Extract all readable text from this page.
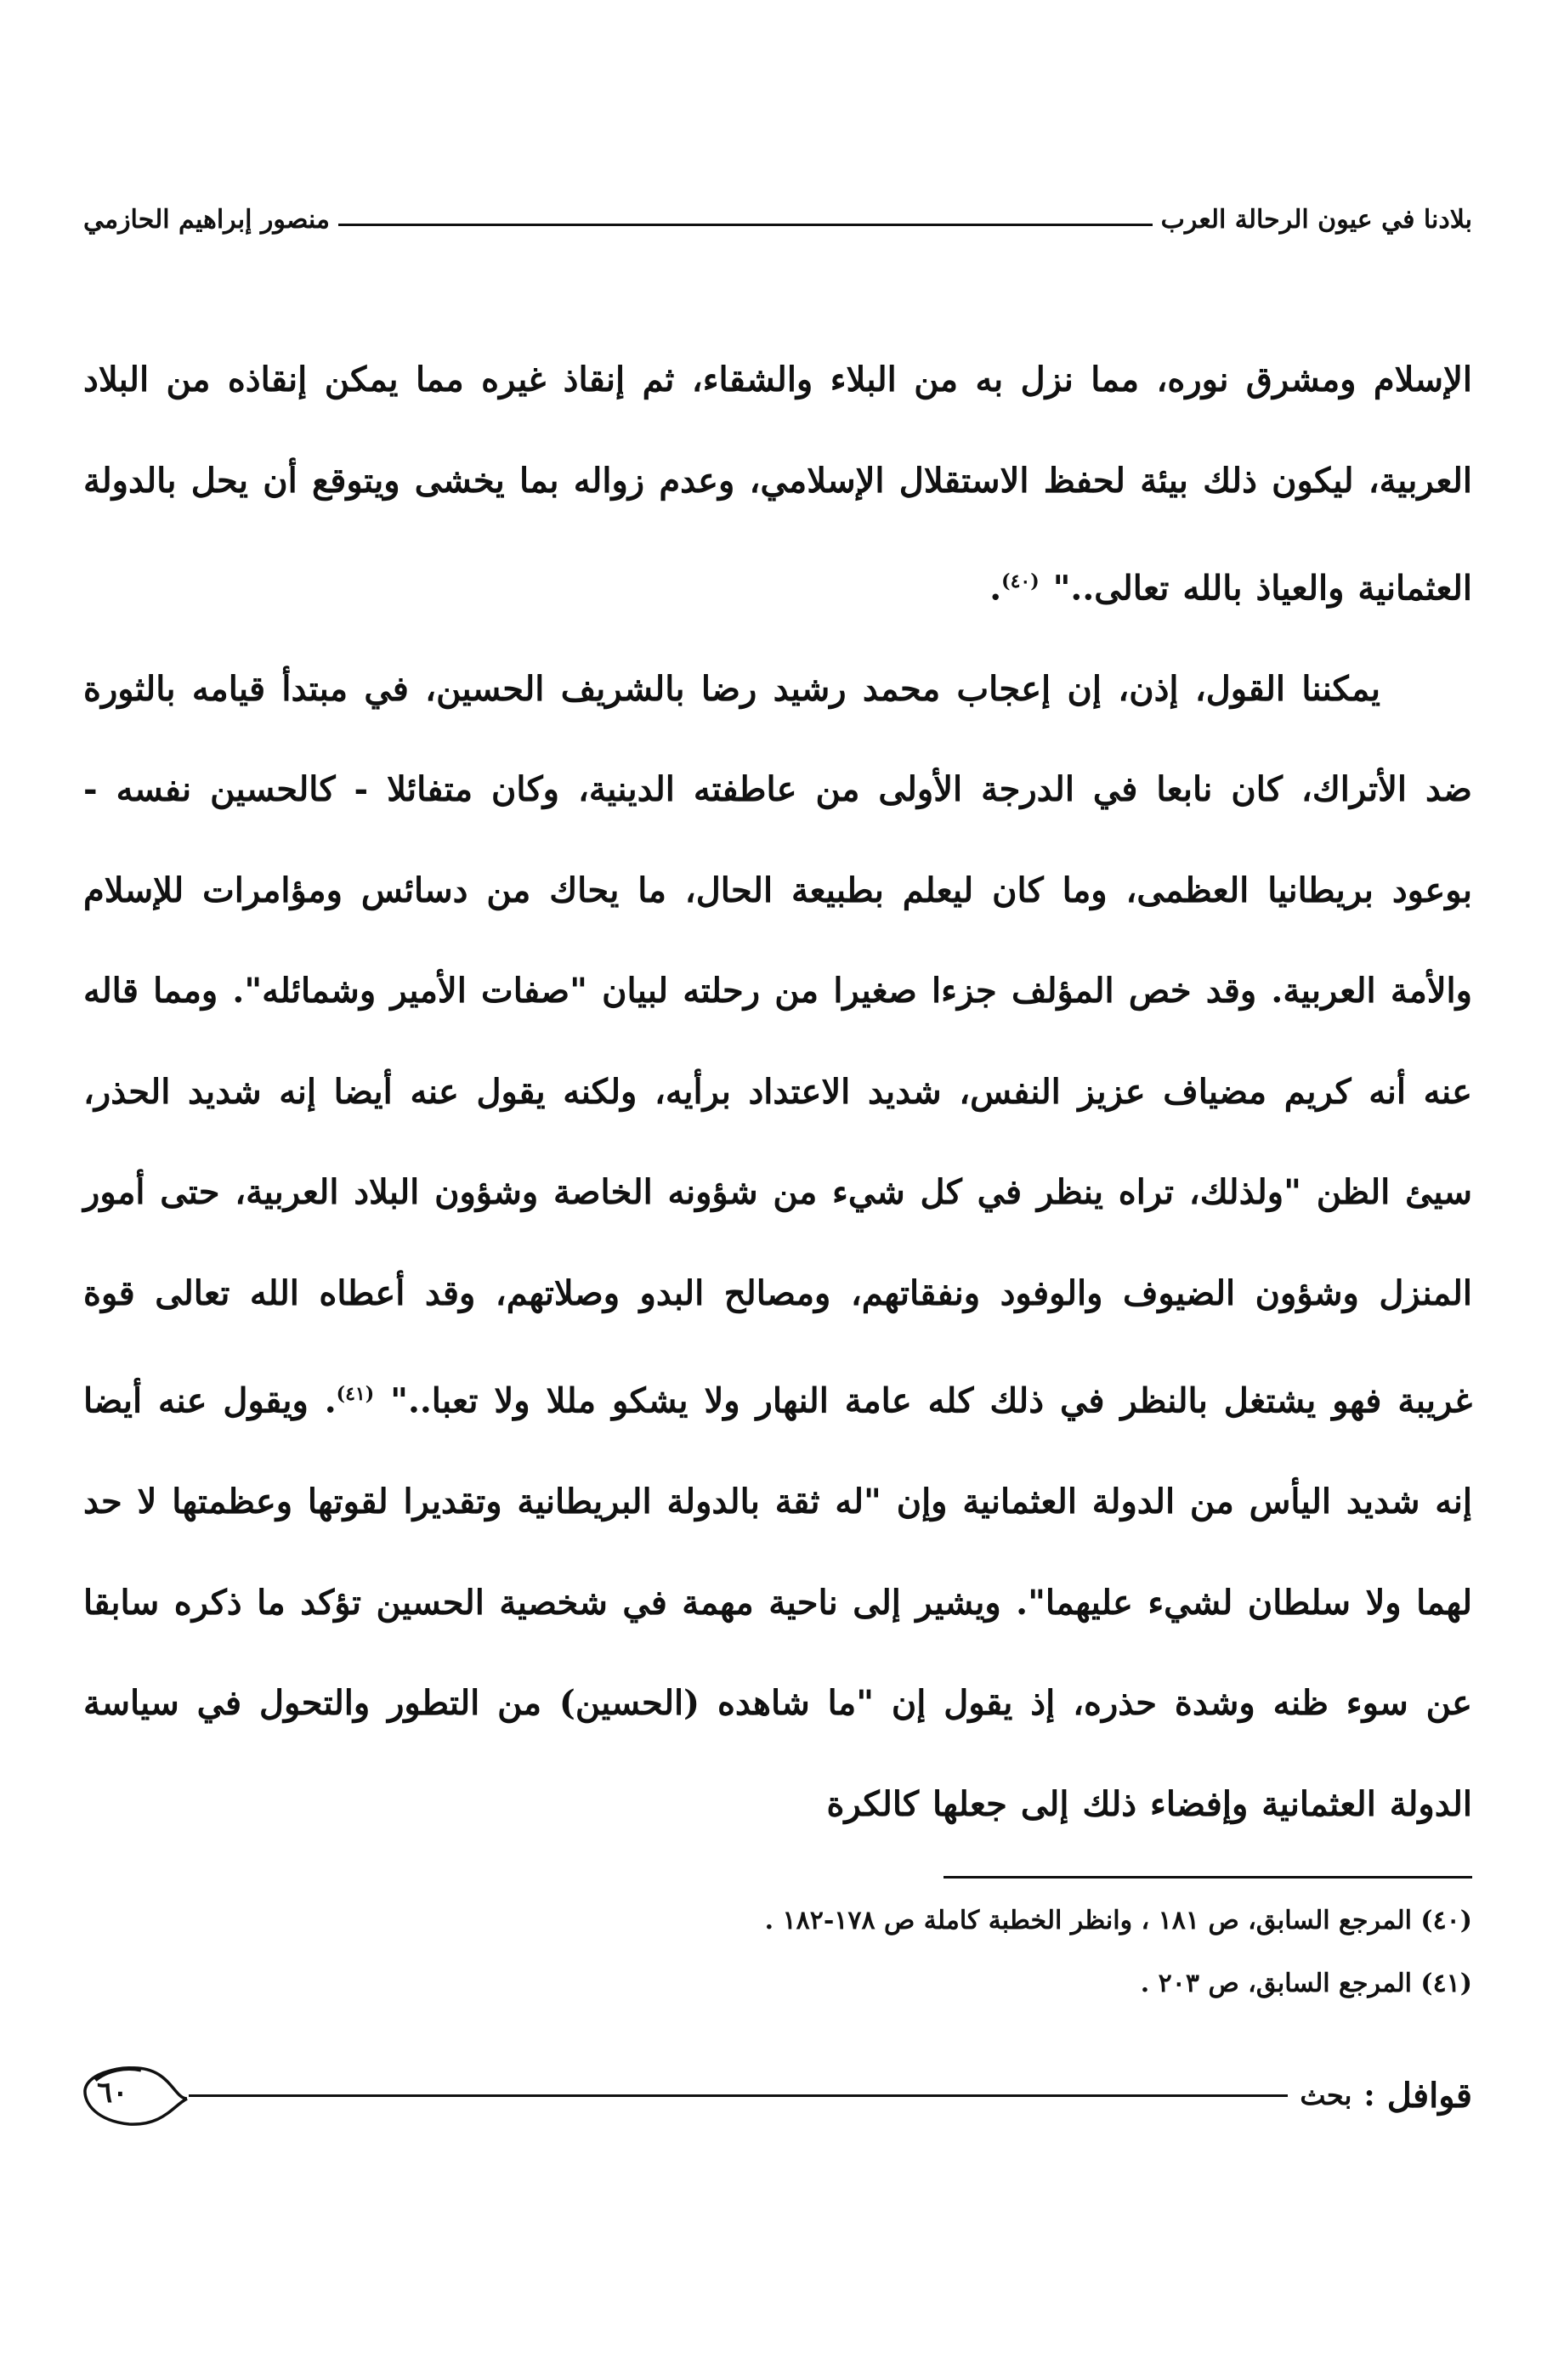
بلادنا في عيون الرحالة العرب
منصور إبراهيم الحازمي

الإسلام ومشرق نوره، مما نزل به من البلاء والشقاء، ثم إنقاذ غيره مما يمكن إنقاذه من البلاد العربية، ليكون ذلك بيئة لحفظ الاستقلال الإسلامي، وعدم زواله بما يخشى ويتوقع أن يحل بالدولة العثمانية والعياذ بالله تعالى.." $^{(٤٠)}$.

يمكننا القول، إذن، إن إعجاب محمد رشيد رضا بالشريف الحسين، في مبتدأ قيامه بالثورة ضد الأتراك، كان نابعا في الدرجة الأولى من عاطفته الدينية، وكان متفائلا - كالحسين نفسه - بوعود بريطانيا العظمى، وما كان ليعلم بطبيعة الحال، ما يحاك من دسائس ومؤامرات للإسلام والأمة العربية. وقد خص المؤلف جزءا صغيرا من رحلته لبيان "صفات الأمير وشمائله". ومما قاله عنه أنه كريم مضياف عزيز النفس، شديد الاعتداد برأيه، ولكنه يقول عنه أيضا إنه شديد الحذر، سيئ الظن "ولذلك، تراه ينظر في كل شيء من شؤونه الخاصة وشؤون البلاد العربية، حتى أمور المنزل وشؤون الضيوف والوفود ونفقاتهم، ومصالح البدو وصلاتهم، وقد أعطاه الله تعالى قوة غريبة فهو يشتغل بالنظر في ذلك كله عامة النهار ولا يشكو مللا ولا تعبا.." $^{(٤١)}$. ويقول عنه أيضا إنه شديد اليأس من الدولة العثمانية وإن "له ثقة بالدولة البريطانية وتقديرا لقوتها وعظمتها لا حد لهما ولا سلطان لشيء عليهما". ويشير إلى ناحية مهمة في شخصية الحسين تؤكد ما ذكره سابقا عن سوء ظنه وشدة حذره، إذ يقول إن "ما شاهده (الحسين) من التطور والتحول في سياسة الدولة العثمانية وإفضاء ذلك إلى جعلها كالكرة

(٤٠) المرجع السابق، ص ١٨١ ، وانظر الخطبة كاملة ص ١٧٨-١٨٢ .

(٤١) المرجع السابق، ص ٢٠٣ .

قوافل
:
بحث
٦٠
